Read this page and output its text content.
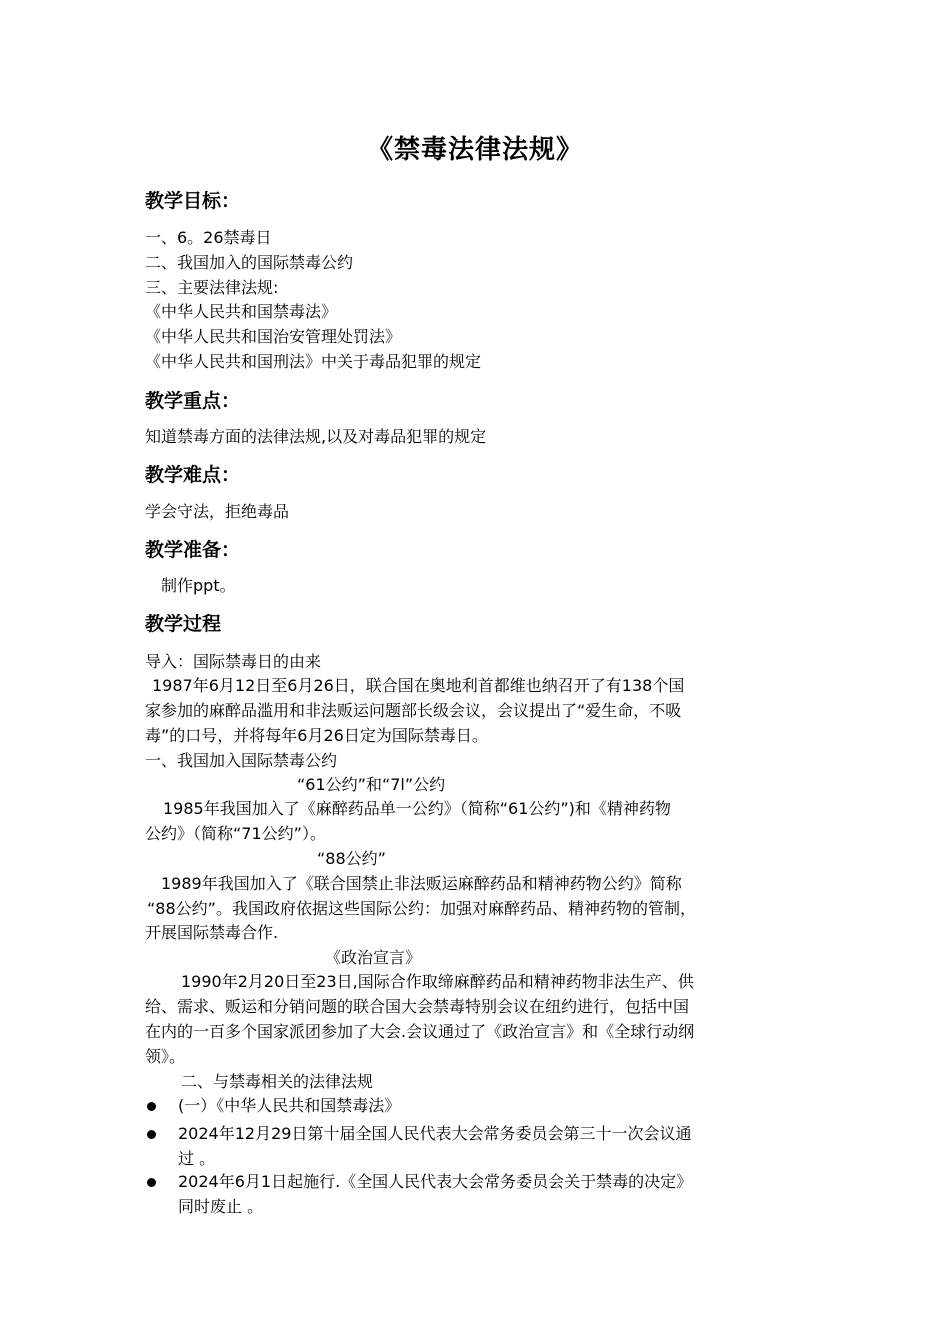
《禁毒法律法规》
教学目标：
一、6。26禁毒日
二、我国加入的国际禁毒公约
三、主要法律法规:
《中华人民共和国禁毒法》
《中华人民共和国治安管理处罚法》
《中华人民共和国刑法》中关于毒品犯罪的规定
教学重点：
知道禁毒方面的法律法规,以及对毒品犯罪的规定
教学难点：
学会守法，拒绝毒品
教学准备：
制作ppt。
教学过程
导入：国际禁毒日的由来
1987年6月12日至6月26日，联合国在奥地利首都维也纳召开了有138个国
家参加的麻醉品滥用和非法贩运问题部长级会议，会议提出了“爱生命，不吸
毒”的口号，并将每年6月26日定为国际禁毒日。
一、我国加入国际禁毒公约
“61公约”和“7l”公约
1985年我国加入了《麻醉药品单一公约》（简称“61公约”)和《精神药物
公约》（简称“71公约”）。
“88公约”
1989年我国加入了《联合国禁止非法贩运麻醉药品和精神药物公约》简称
“88公约”。我国政府依据这些国际公约：加强对麻醉药品、精神药物的管制，
开展国际禁毒合作.
《政治宣言》
1990年2月20日至23日,国际合作取缔麻醉药品和精神药物非法生产、供
给、需求、贩运和分销问题的联合国大会禁毒特别会议在纽约进行，包括中国
在内的一百多个国家派团参加了大会.会议通过了《政治宣言》和《全球行动纲
领》。
二、与禁毒相关的法律法规
(一）《中华人民共和国禁毒法》
2024年12月29日第十届全国人民代表大会常务委员会第三十一次会议通
过 。
2024年6月1日起施行.《全国人民代表大会常务委员会关于禁毒的决定》
同时废止 。
